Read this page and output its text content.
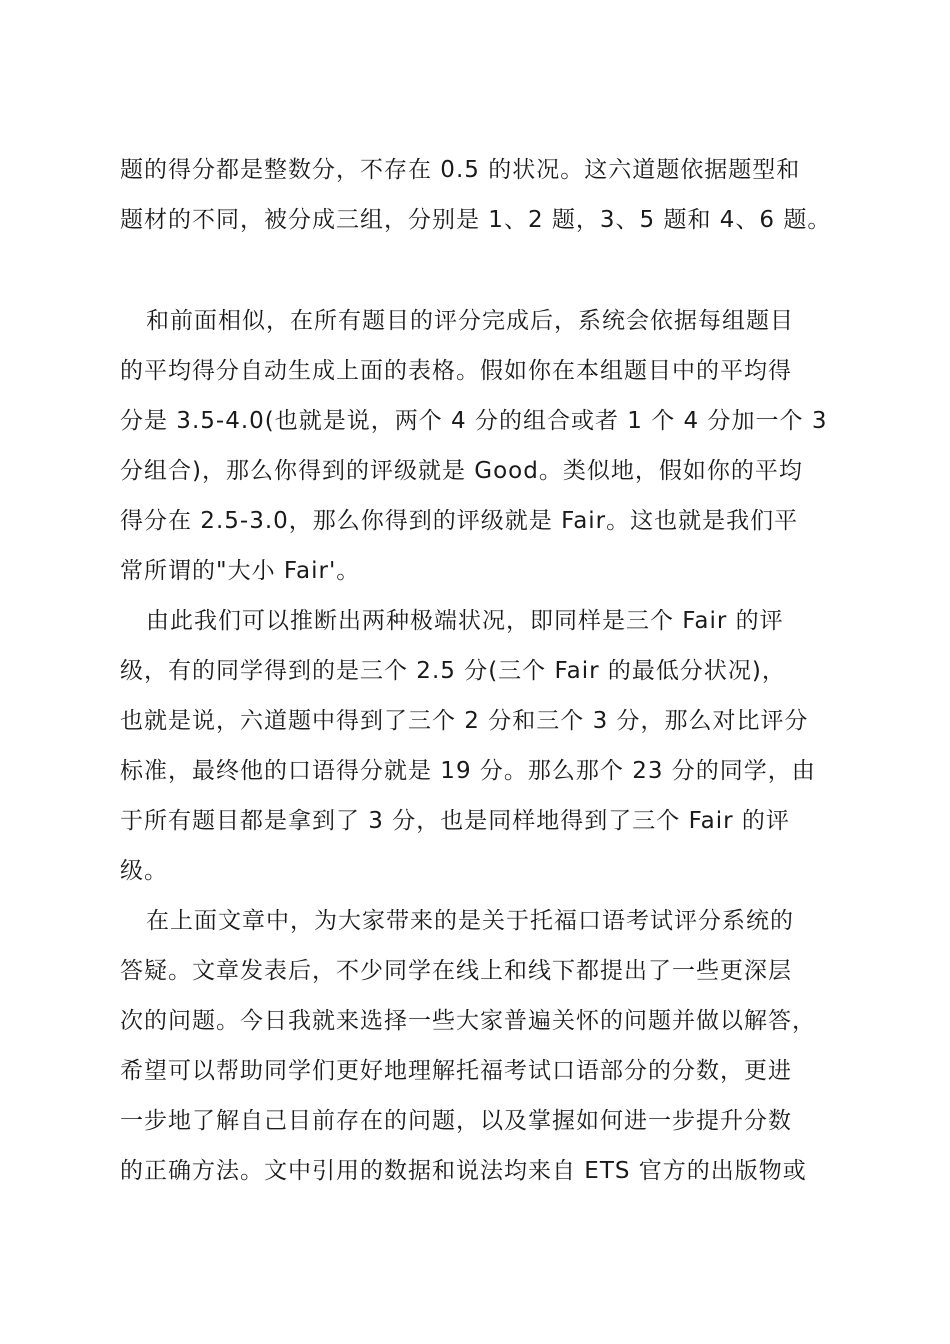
题的得分都是整数分，不存在 0.5 的状况。这六道题依据题型和
题材的不同，被分成三组，分别是 1、2 题，3、5 题和 4、6 题。
和前面相似，在所有题目的评分完成后，系统会依据每组题目
的平均得分自动生成上面的表格。假如你在本组题目中的平均得
分是 3.5-4.0(也就是说，两个 4 分的组合或者 1 个 4 分加一个 3
分组合)，那么你得到的评级就是 Good。类似地，假如你的平均
得分在 2.5-3.0，那么你得到的评级就是 Fair。这也就是我们平
常所谓的"大小 Fair'。
由此我们可以推断出两种极端状况，即同样是三个 Fair 的评
级，有的同学得到的是三个 2.5 分(三个 Fair 的最低分状况)，
也就是说，六道题中得到了三个 2 分和三个 3 分，那么对比评分
标准，最终他的口语得分就是 19 分。那么那个 23 分的同学，由
于所有题目都是拿到了 3 分，也是同样地得到了三个 Fair 的评
级。
在上面文章中，为大家带来的是关于托福口语考试评分系统的
答疑。文章发表后，不少同学在线上和线下都提出了一些更深层
次的问题。今日我就来选择一些大家普遍关怀的问题并做以解答，
希望可以帮助同学们更好地理解托福考试口语部分的分数，更进
一步地了解自己目前存在的问题，以及掌握如何进一步提升分数
的正确方法。文中引用的数据和说法均来自 ETS 官方的出版物或
